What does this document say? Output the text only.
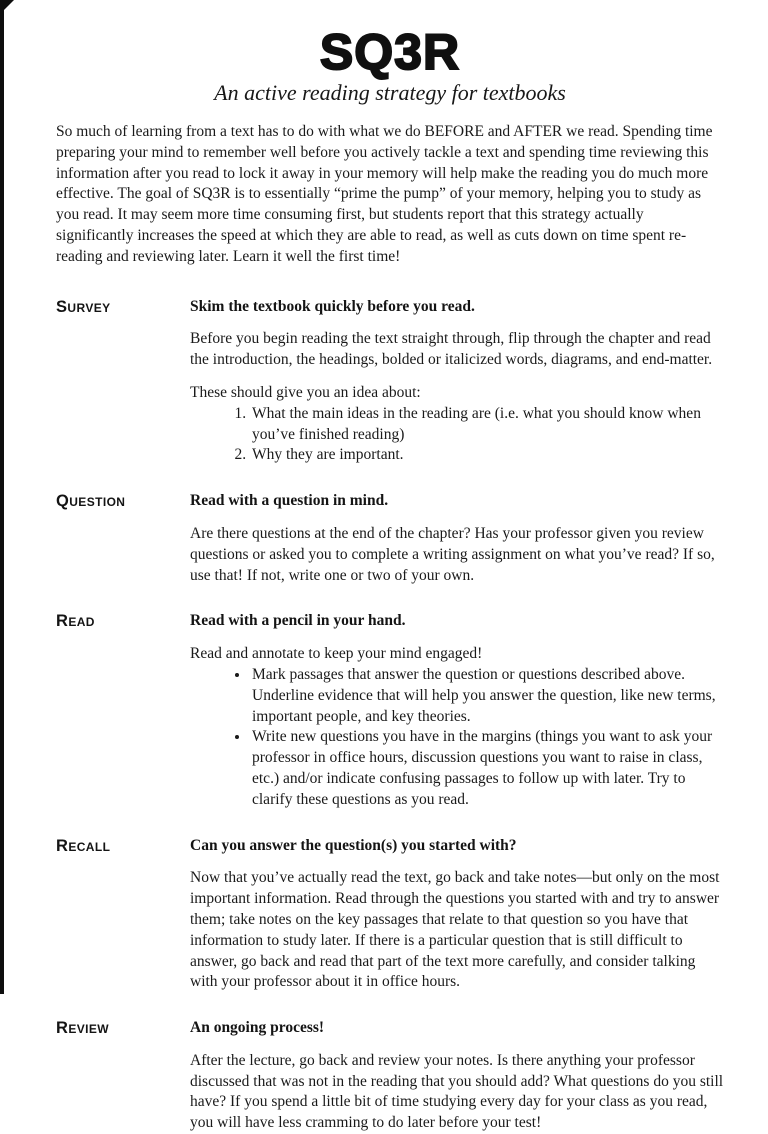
SQ3R

An active reading strategy for textbooks

So much of learning from a text has to do with what we do BEFORE and AFTER we read. Spending time preparing your mind to remember well before you actively tackle a text and spending time reviewing this information after you read to lock it away in your memory will help make the reading you do much more effective. The goal of SQ3R is to essentially “prime the pump” of your memory, helping you to study as you read. It may seem more time consuming first, but students report that this strategy actually significantly increases the speed at which they are able to read, as well as cuts down on time spent re-reading and reviewing later. Learn it well the first time!

Survey	Skim the textbook quickly before you read.

Before you begin reading the text straight through, flip through the chapter and read the introduction, the headings, bolded or italicized words, diagrams, and end-matter.

These should give you an idea about:

1. What the main ideas in the reading are (i.e. what you should know when you’ve finished reading)
2. Why they are important.
Question	Read with a question in mind.

Are there questions at the end of the chapter? Has your professor given you review questions or asked you to complete a writing assignment on what you’ve read? If so, use that! If not, write one or two of your own.

Read	Read with a pencil in your hand.

Read and annotate to keep your mind engaged!

• Mark passages that answer the question or questions described above. Underline evidence that will help you answer the question, like new terms, important people, and key theories.
• Write new questions you have in the margins (things you want to ask your professor in office hours, discussion questions you want to raise in class, etc.) and/or indicate confusing passages to follow up with later. Try to clarify these questions as you read.
Recall	Can you answer the question(s) you started with?

Now that you’ve actually read the text, go back and take notes—but only on the most important information. Read through the questions you started with and try to answer them; take notes on the key passages that relate to that question so you have that information to study later. If there is a particular question that is still difficult to answer, go back and read that part of the text more carefully, and consider talking with your professor about it in office hours.

Review	An ongoing process!

After the lecture, go back and review your notes. Is there anything your professor discussed that was not in the reading that you should add? What questions do you still have? If you spend a little bit of time studying every day for your class as you read, you will have less cramming to do later before your test!
